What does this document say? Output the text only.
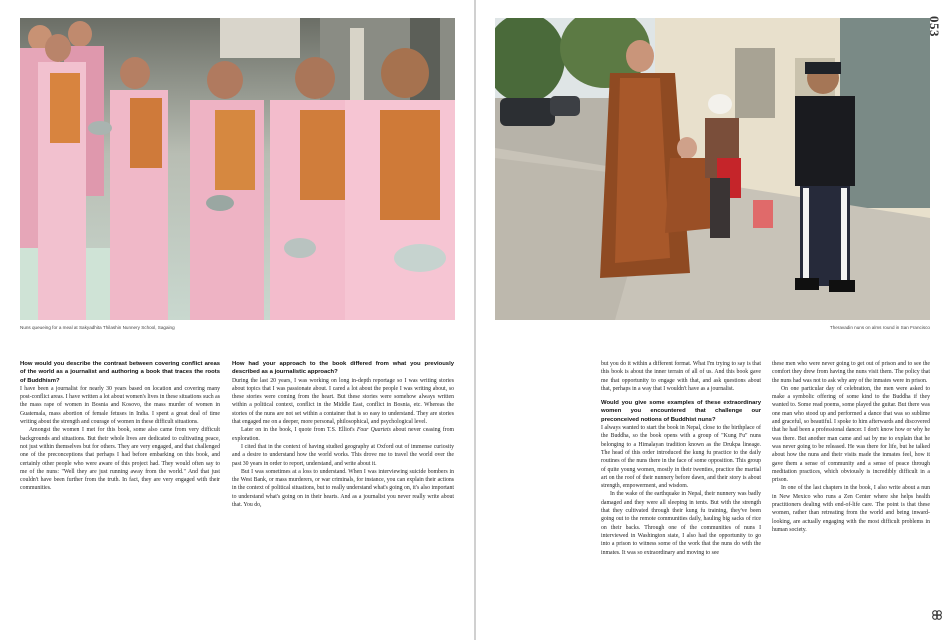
Nuns queueing for a meal at Sakyadhita Thilashin Nunnery School, Sagaing

How would you describe the contrast between covering conflict areas of the world as a journalist and authoring a book that traces the roots of Buddhism?

I have been a journalist for nearly 30 years based on location and covering many post-conflict areas. I have written a lot about women's lives in these situations such as the mass rape of women in Bosnia and Kosovo, the mass murder of women in Guatemala, mass abortion of female fetuses in India. I spent a great deal of time writing about the strength and courage of women in these difficult situations.

Amongst the women I met for this book, some also came from very difficult backgrounds and situations. But their whole lives are dedicated to cultivating peace, not just within themselves but for others. They are very engaged, and that challenged one of the preconceptions that perhaps I had before embarking on this book, and certainly other people who were aware of this project had. They would often say to me of the nuns: "Well they are just running away from the world." And that just couldn't have been further from the truth. In fact, they are very engaged with their communities.

How had your approach to the book differed from what you previously described as a journalistic approach?

During the last 20 years, I was working on long in-depth reportage so I was writing stories about topics that I was passionate about. I cared a lot about the people I was writing about, so these stories were coming from the heart. But these stories were somehow always written within a political context, conflict in the Middle East, conflict in Bosnia, etc. Whereas the stories of the nuns are not set within a container that is so easy to understand. They are stories that engaged me on a deeper, more personal, philosophical, and psychological level.

Later on in the book, I quote from T.S. Elliot's Four Quartets about never ceasing from exploration.

I cited that in the context of having studied geography at Oxford out of immense curiosity and a desire to understand how the world works. This drove me to travel the world over the past 30 years in order to report, understand, and write about it.

But I was sometimes at a loss to understand. When I was interviewing suicide bombers in the West Bank, or mass murderers, or war criminals, for instance, you can explain their actions in the context of political situations, but to really understand what's going on, it's also important to understand what's going on in their hearts. And as a journalist you never really write about that. You do,

Theravadin nuns on alms round in San Francisco
053

but you do it within a different format. What I'm trying to say is that this book is about the inner terrain of all of us. And this book gave me that opportunity to engage with that, and ask questions about that, perhaps in a way that I wouldn't have as a journalist.

Would you give some examples of these extraordinary women you encountered that challenge our preconceived notions of Buddhist nuns?

I always wanted to start the book in Nepal, close to the birthplace of the Buddha, so the book opens with a group of "Kung Fu" nuns belonging to a Himalayan tradition known as the Drukpa lineage. The head of this order introduced the kung fu practice to the daily routines of the nuns there in the face of some opposition. This group of quite young women, mostly in their twenties, practice the martial art on the roof of their nunnery before dawn, and their story is about strength, empowerment, and wisdom.

In the wake of the earthquake in Nepal, their nunnery was badly damaged and they were all sleeping in tents. But with the strength that they cultivated through their kung fu training, they've been going out to the remote communities daily, hauling big sacks of rice on their backs. Through one of the communities of nuns I interviewed in Washington state, I also had the opportunity to go into a prison to witness some of the work that the nuns do with the inmates. It was so extraordinary and moving to see

these men who were never going to get out of prison and to see the comfort they drew from having the nuns visit them. The policy that the nuns had was not to ask why any of the inmates were in prison.

On one particular day of celebration, the men were asked to make a symbolic offering of some kind to the Buddha if they wanted to. Some read poems, some played the guitar. But there was one man who stood up and performed a dance that was so sublime and graceful, so beautiful. I spoke to him afterwards and discovered that he had been a professional dancer. I don't know how or why he was there. But another man came and sat by me to explain that he was never going to be released. He was there for life, but he talked about how the nuns and their visits made the inmates feel, how it gave them a sense of community and a sense of peace through meditation practices, which obviously is incredibly difficult in a prison.

In one of the last chapters in the book, I also write about a nun in New Mexico who runs a Zen Center where she helps health practitioners dealing with end-of-life care. The point is that these women, rather than retreating from the world and being inward-looking, are actually engaging with the most difficult problems in human society.
